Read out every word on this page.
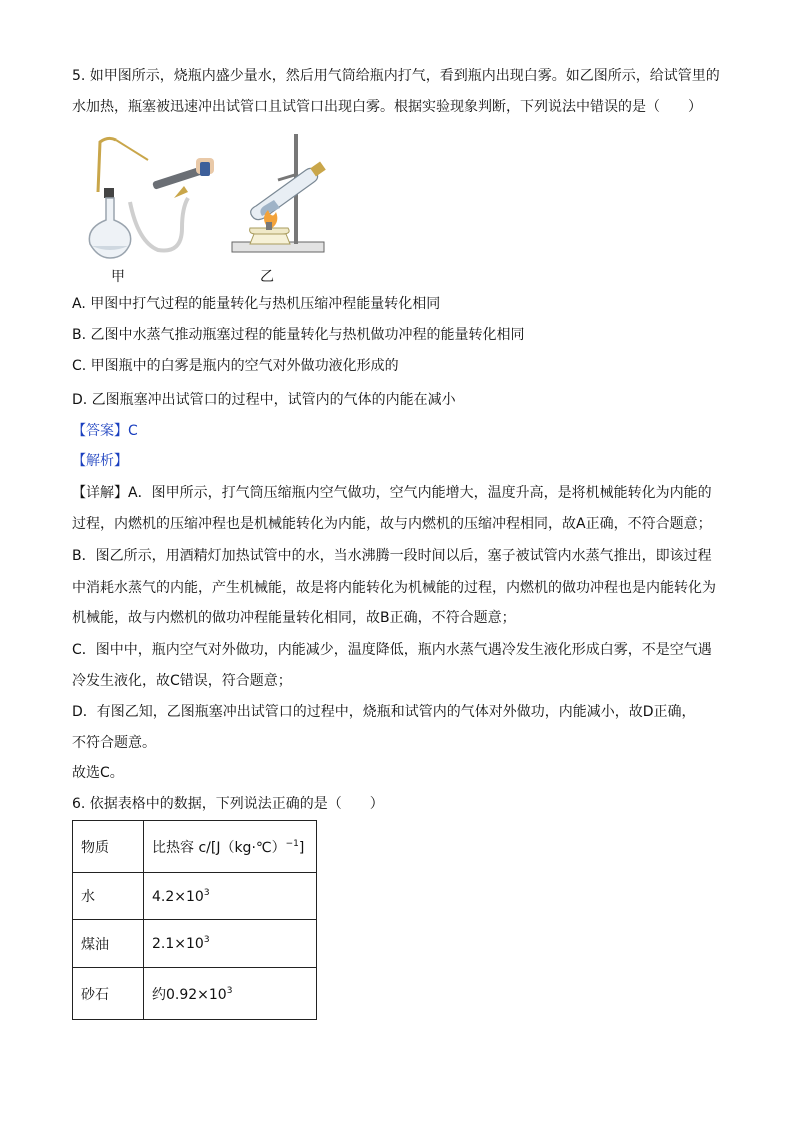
5. 如甲图所示，烧瓶内盛少量水，然后用气筒给瓶内打气，看到瓶内出现白雾。如乙图所示，给试管里的
水加热，瓶塞被迅速冲出试管口且试管口出现白雾。根据实验现象判断，下列说法中错误的是（　　）
甲	乙
A. 甲图中打气过程的能量转化与热机压缩冲程能量转化相同
B. 乙图中水蒸气推动瓶塞过程的能量转化与热机做功冲程的能量转化相同
C. 甲图瓶中的白雾是瓶内的空气对外做功液化形成的
D. 乙图瓶塞冲出试管口的过程中，试管内的气体的内能在减小
【答案】C
【解析】
【详解】A．图甲所示，打气筒压缩瓶内空气做功，空气内能增大，温度升高，是将机械能转化为内能的
过程，内燃机的压缩冲程也是机械能转化为内能，故与内燃机的压缩冲程相同，故A正确，不符合题意；
B．图乙所示，用酒精灯加热试管中的水，当水沸腾一段时间以后，塞子被试管内水蒸气推出，即该过程
中消耗水蒸气的内能，产生机械能，故是将内能转化为机械能的过程，内燃机的做功冲程也是内能转化为
机械能，故与内燃机的做功冲程能量转化相同，故B正确，不符合题意；
C．图中中，瓶内空气对外做功，内能减少，温度降低，瓶内水蒸气遇冷发生液化形成白雾，不是空气遇
冷发生液化，故C错误，符合题意；
D．有图乙知，乙图瓶塞冲出试管口的过程中，烧瓶和试管内的气体对外做功，内能减小，故D正确，
不符合题意。
故选C。
6. 依据表格中的数据，下列说法正确的是（　　）
物质	比热容 c/[J（kg·℃）$^{-1}$]
水	$4.2\times 10^3$
煤油	$2.1\times 10^3$
砂石	约$0.92\times 10^3$
